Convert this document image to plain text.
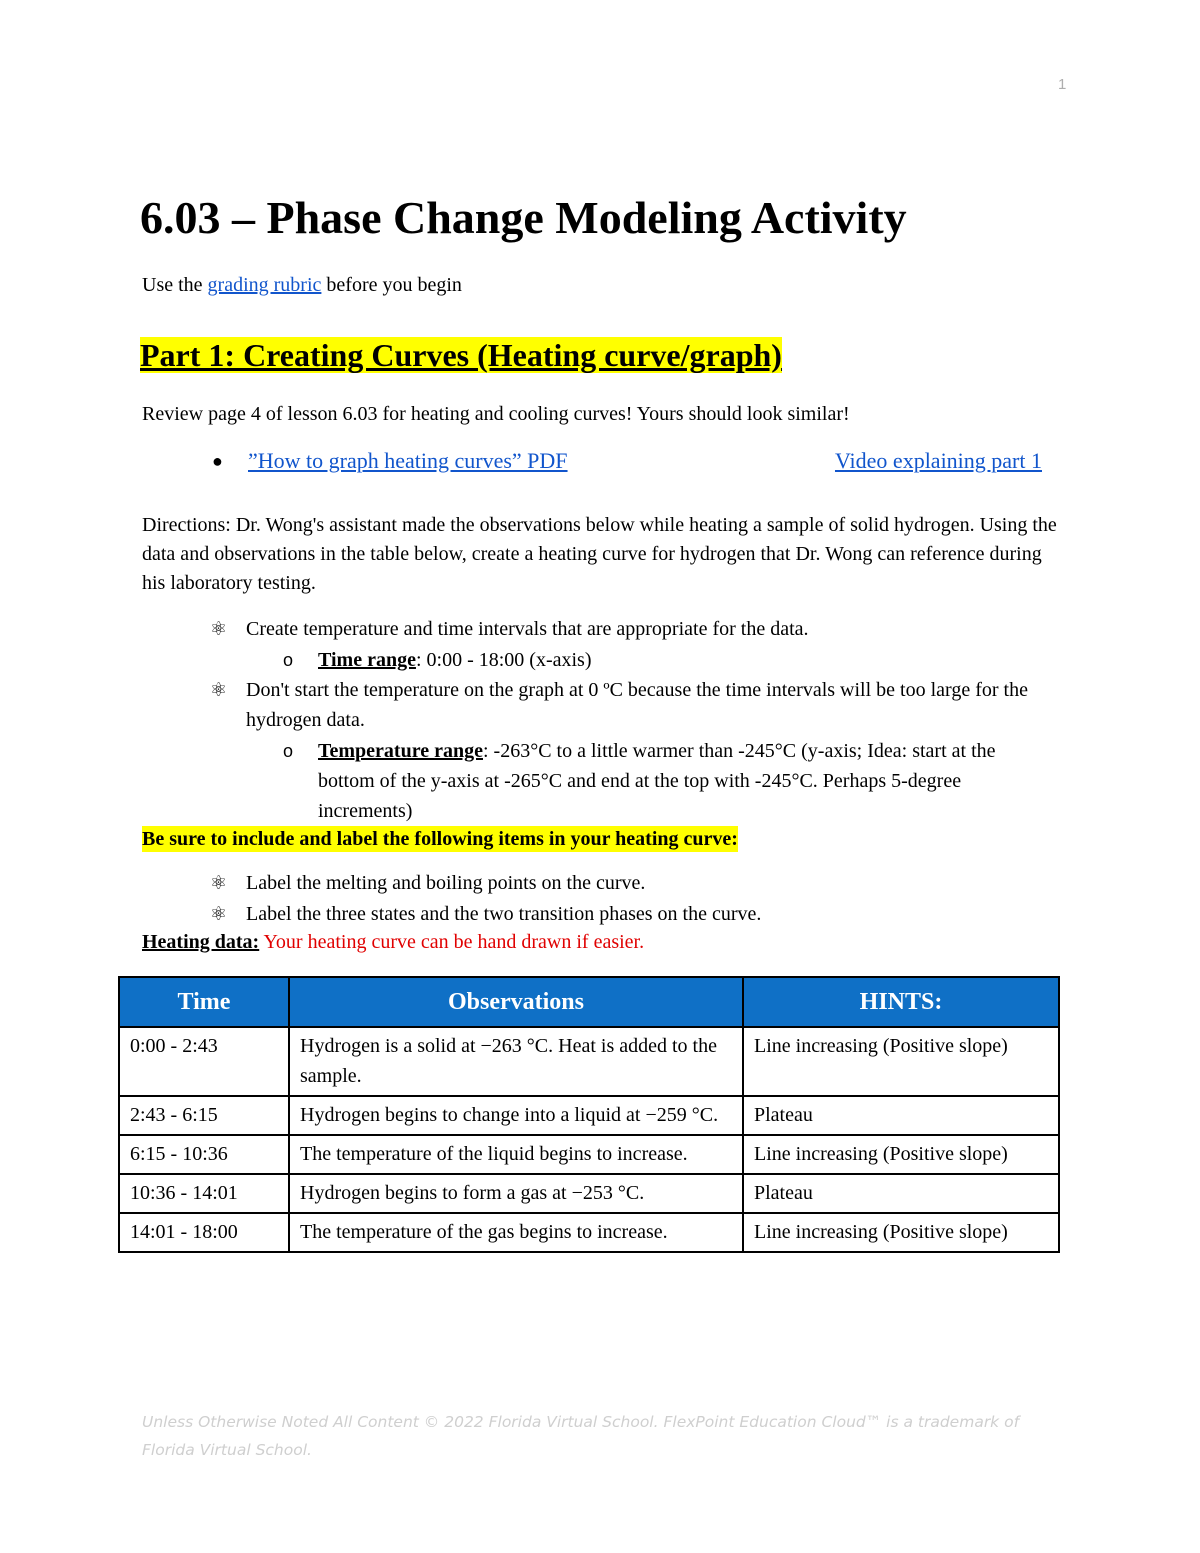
1
6.03 – Phase Change Modeling Activity
Use the grading rubric before you begin
Part 1: Creating Curves (Heating curve/graph)
Review page 4 of lesson 6.03 for heating and cooling curves! Yours should look similar!
●	”How to graph heating curves” PDF	Video explaining part 1
Directions: Dr. Wong's assistant made the observations below while heating a sample of solid hydrogen. Using the data and observations in the table below, create a heating curve for hydrogen that Dr. Wong can reference during his laboratory testing.
⚛ Create temperature and time intervals that are appropriate for the data.
o Time range: 0:00 - 18:00 (x-axis)
⚛ Don't start the temperature on the graph at 0 ºC because the time intervals will be too large for the hydrogen data.
o Temperature range: -263°C to a little warmer than -245°C (y-axis; Idea: start at the bottom of the y-axis at -265°C and end at the top with -245°C. Perhaps 5-degree increments)
Be sure to include and label the following items in your heating curve:
⚛ Label the melting and boiling points on the curve.
⚛ Label the three states and the two transition phases on the curve.
Heating data: Your heating curve can be hand drawn if easier.
Time	Observations	HINTS:
0:00 - 2:43	Hydrogen is a solid at −263 °C. Heat is added to the sample.	Line increasing (Positive slope)
2:43 - 6:15	Hydrogen begins to change into a liquid at −259 °C.	Plateau
6:15 - 10:36	The temperature of the liquid begins to increase.	Line increasing (Positive slope)
10:36 - 14:01	Hydrogen begins to form a gas at −253 °C.	Plateau
14:01 - 18:00	The temperature of the gas begins to increase.	Line increasing (Positive slope)
Unless Otherwise Noted All Content © 2022 Florida Virtual School. FlexPoint Education Cloud™ is a trademark of Florida Virtual School.
